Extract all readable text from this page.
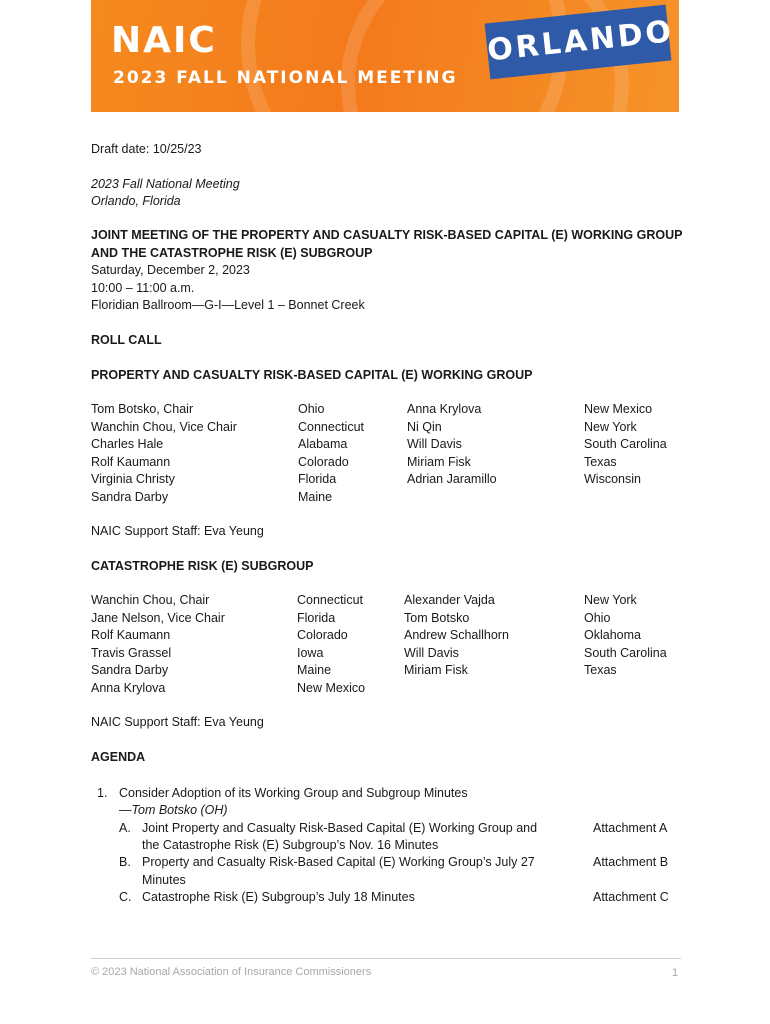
NAIC
2023 FALL NATIONAL MEETING
ORLANDO
Draft date: 10/25/23
2023 Fall National Meeting
Orlando, Florida
JOINT MEETING OF THE PROPERTY AND CASUALTY RISK-BASED CAPITAL (E) WORKING GROUP
AND THE CATASTROPHE RISK (E) SUBGROUP
Saturday, December 2, 2023
10:00 – 11:00 a.m.
Floridian Ballroom—G-I—Level 1 – Bonnet Creek
ROLL CALL
PROPERTY AND CASUALTY RISK-BASED CAPITAL (E) WORKING GROUP
Tom Botsko, Chair
Wanchin Chou, Vice Chair
Charles Hale
Rolf Kaumann
Virginia Christy
Sandra Darby
Ohio
Connecticut
Alabama
Colorado
Florida
Maine
Anna Krylova
Ni Qin
Will Davis
Miriam Fisk
Adrian Jaramillo
New Mexico
New York
South Carolina
Texas
Wisconsin
NAIC Support Staff: Eva Yeung
CATASTROPHE RISK (E) SUBGROUP
Wanchin Chou, Chair
Jane Nelson, Vice Chair
Rolf Kaumann
Travis Grassel
Sandra Darby
Anna Krylova
Connecticut
Florida
Colorado
Iowa
Maine
New Mexico
Alexander Vajda
Tom Botsko
Andrew Schallhorn
Will Davis
Miriam Fisk
New York
Ohio
Oklahoma
South Carolina
Texas
NAIC Support Staff: Eva Yeung
AGENDA
1. Consider Adoption of its Working Group and Subgroup Minutes
—Tom Botsko (OH)
A. Joint Property and Casualty Risk-Based Capital (E) Working Group and
the Catastrophe Risk (E) Subgroup’s Nov. 16 Minutes
Attachment A
B. Property and Casualty Risk-Based Capital (E) Working Group’s July 27
Minutes
Attachment B
C. Catastrophe Risk (E) Subgroup’s July 18 Minutes	Attachment C
© 2023 National Association of Insurance Commissioners	1
